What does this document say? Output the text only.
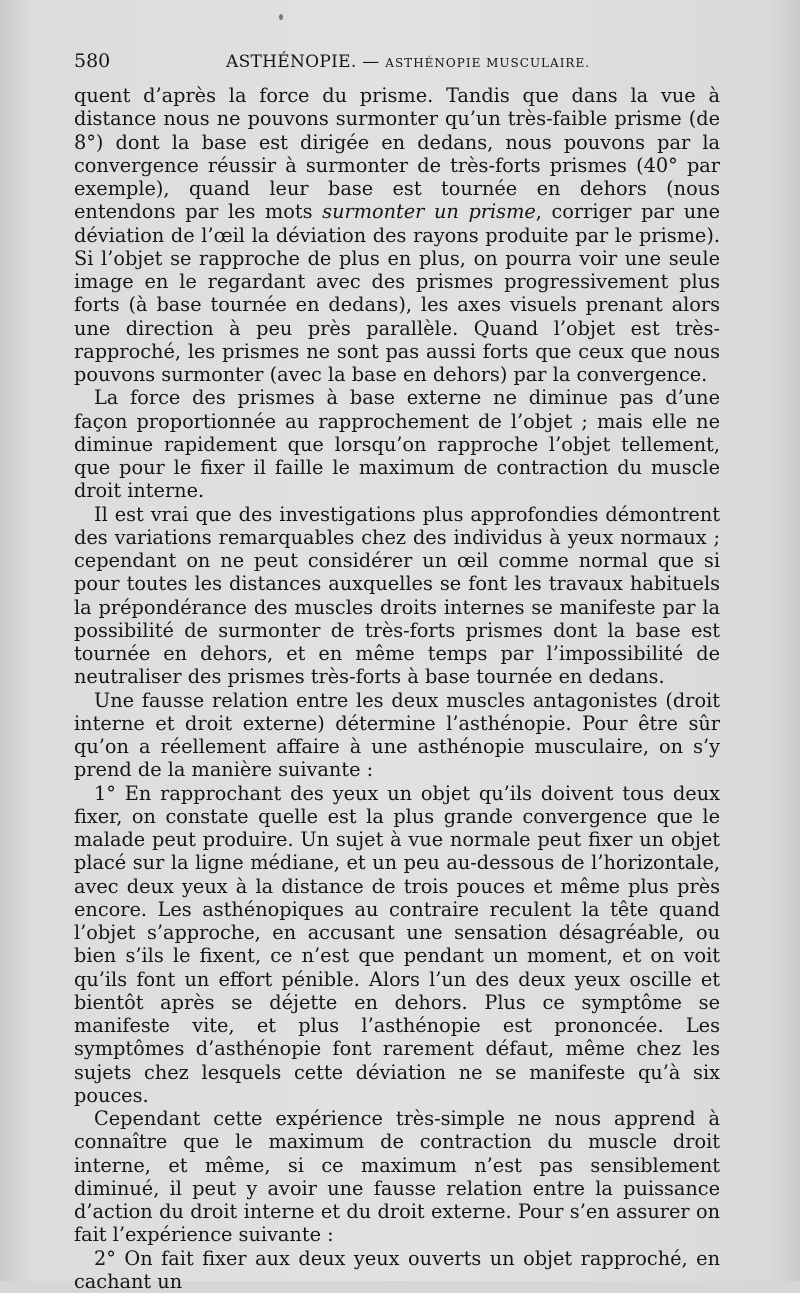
580	ASTHÉNOPIE. — ASTHÉNOPIE MUSCULAIRE.

quent d’après la force du prisme. Tandis que dans la vue à distance nous ne pouvons surmonter qu’un très-faible prisme (de 8°) dont la base est dirigée en dedans, nous pouvons par la convergence réussir à surmonter de très-forts prismes (40° par exemple), quand leur base est tournée en dehors (nous entendons par les mots surmonter un prisme, corriger par une déviation de l’œil la déviation des rayons produite par le prisme). Si l’objet se rapproche de plus en plus, on pourra voir une seule image en le regardant avec des prismes progressivement plus forts (à base tournée en dedans), les axes visuels prenant alors une direction à peu près parallèle. Quand l’objet est très-rapproché, les prismes ne sont pas aussi forts que ceux que nous pouvons surmonter (avec la base en dehors) par la convergence.

La force des prismes à base externe ne diminue pas d’une façon proportionnée au rapprochement de l’objet ; mais elle ne diminue rapidement que lorsqu’on rapproche l’objet tellement, que pour le fixer il faille le maximum de contraction du muscle droit interne.

Il est vrai que des investigations plus approfondies démontrent des variations remarquables chez des individus à yeux normaux ; cependant on ne peut considérer un œil comme normal que si pour toutes les distances auxquelles se font les travaux habituels la prépondérance des muscles droits internes se manifeste par la possibilité de surmonter de très-forts prismes dont la base est tournée en dehors, et en même temps par l’impossibilité de neutraliser des prismes très-forts à base tournée en dedans.

Une fausse relation entre les deux muscles antagonistes (droit interne et droit externe) détermine l’asthénopie. Pour être sûr qu’on a réellement affaire à une asthénopie musculaire, on s’y prend de la manière suivante :

1° En rapprochant des yeux un objet qu’ils doivent tous deux fixer, on constate quelle est la plus grande convergence que le malade peut produire. Un sujet à vue normale peut fixer un objet placé sur la ligne médiane, et un peu au-dessous de l’horizontale, avec deux yeux à la distance de trois pouces et même plus près encore. Les asthénopiques au contraire reculent la tête quand l’objet s’approche, en accusant une sensation désagréable, ou bien s’ils le fixent, ce n’est que pendant un moment, et on voit qu’ils font un effort pénible. Alors l’un des deux yeux oscille et bientôt après se déjette en dehors. Plus ce symptôme se manifeste vite, et plus l’asthénopie est prononcée. Les symptômes d’asthénopie font rarement défaut, même chez les sujets chez lesquels cette déviation ne se manifeste qu’à six pouces.

Cependant cette expérience très-simple ne nous apprend à connaître que le maximum de contraction du muscle droit interne, et même, si ce maximum n’est pas sensiblement diminué, il peut y avoir une fausse relation entre la puissance d’action du droit interne et du droit externe. Pour s’en assurer on fait l’expérience suivante :

2° On fait fixer aux deux yeux ouverts un objet rapproché, en cachant un
